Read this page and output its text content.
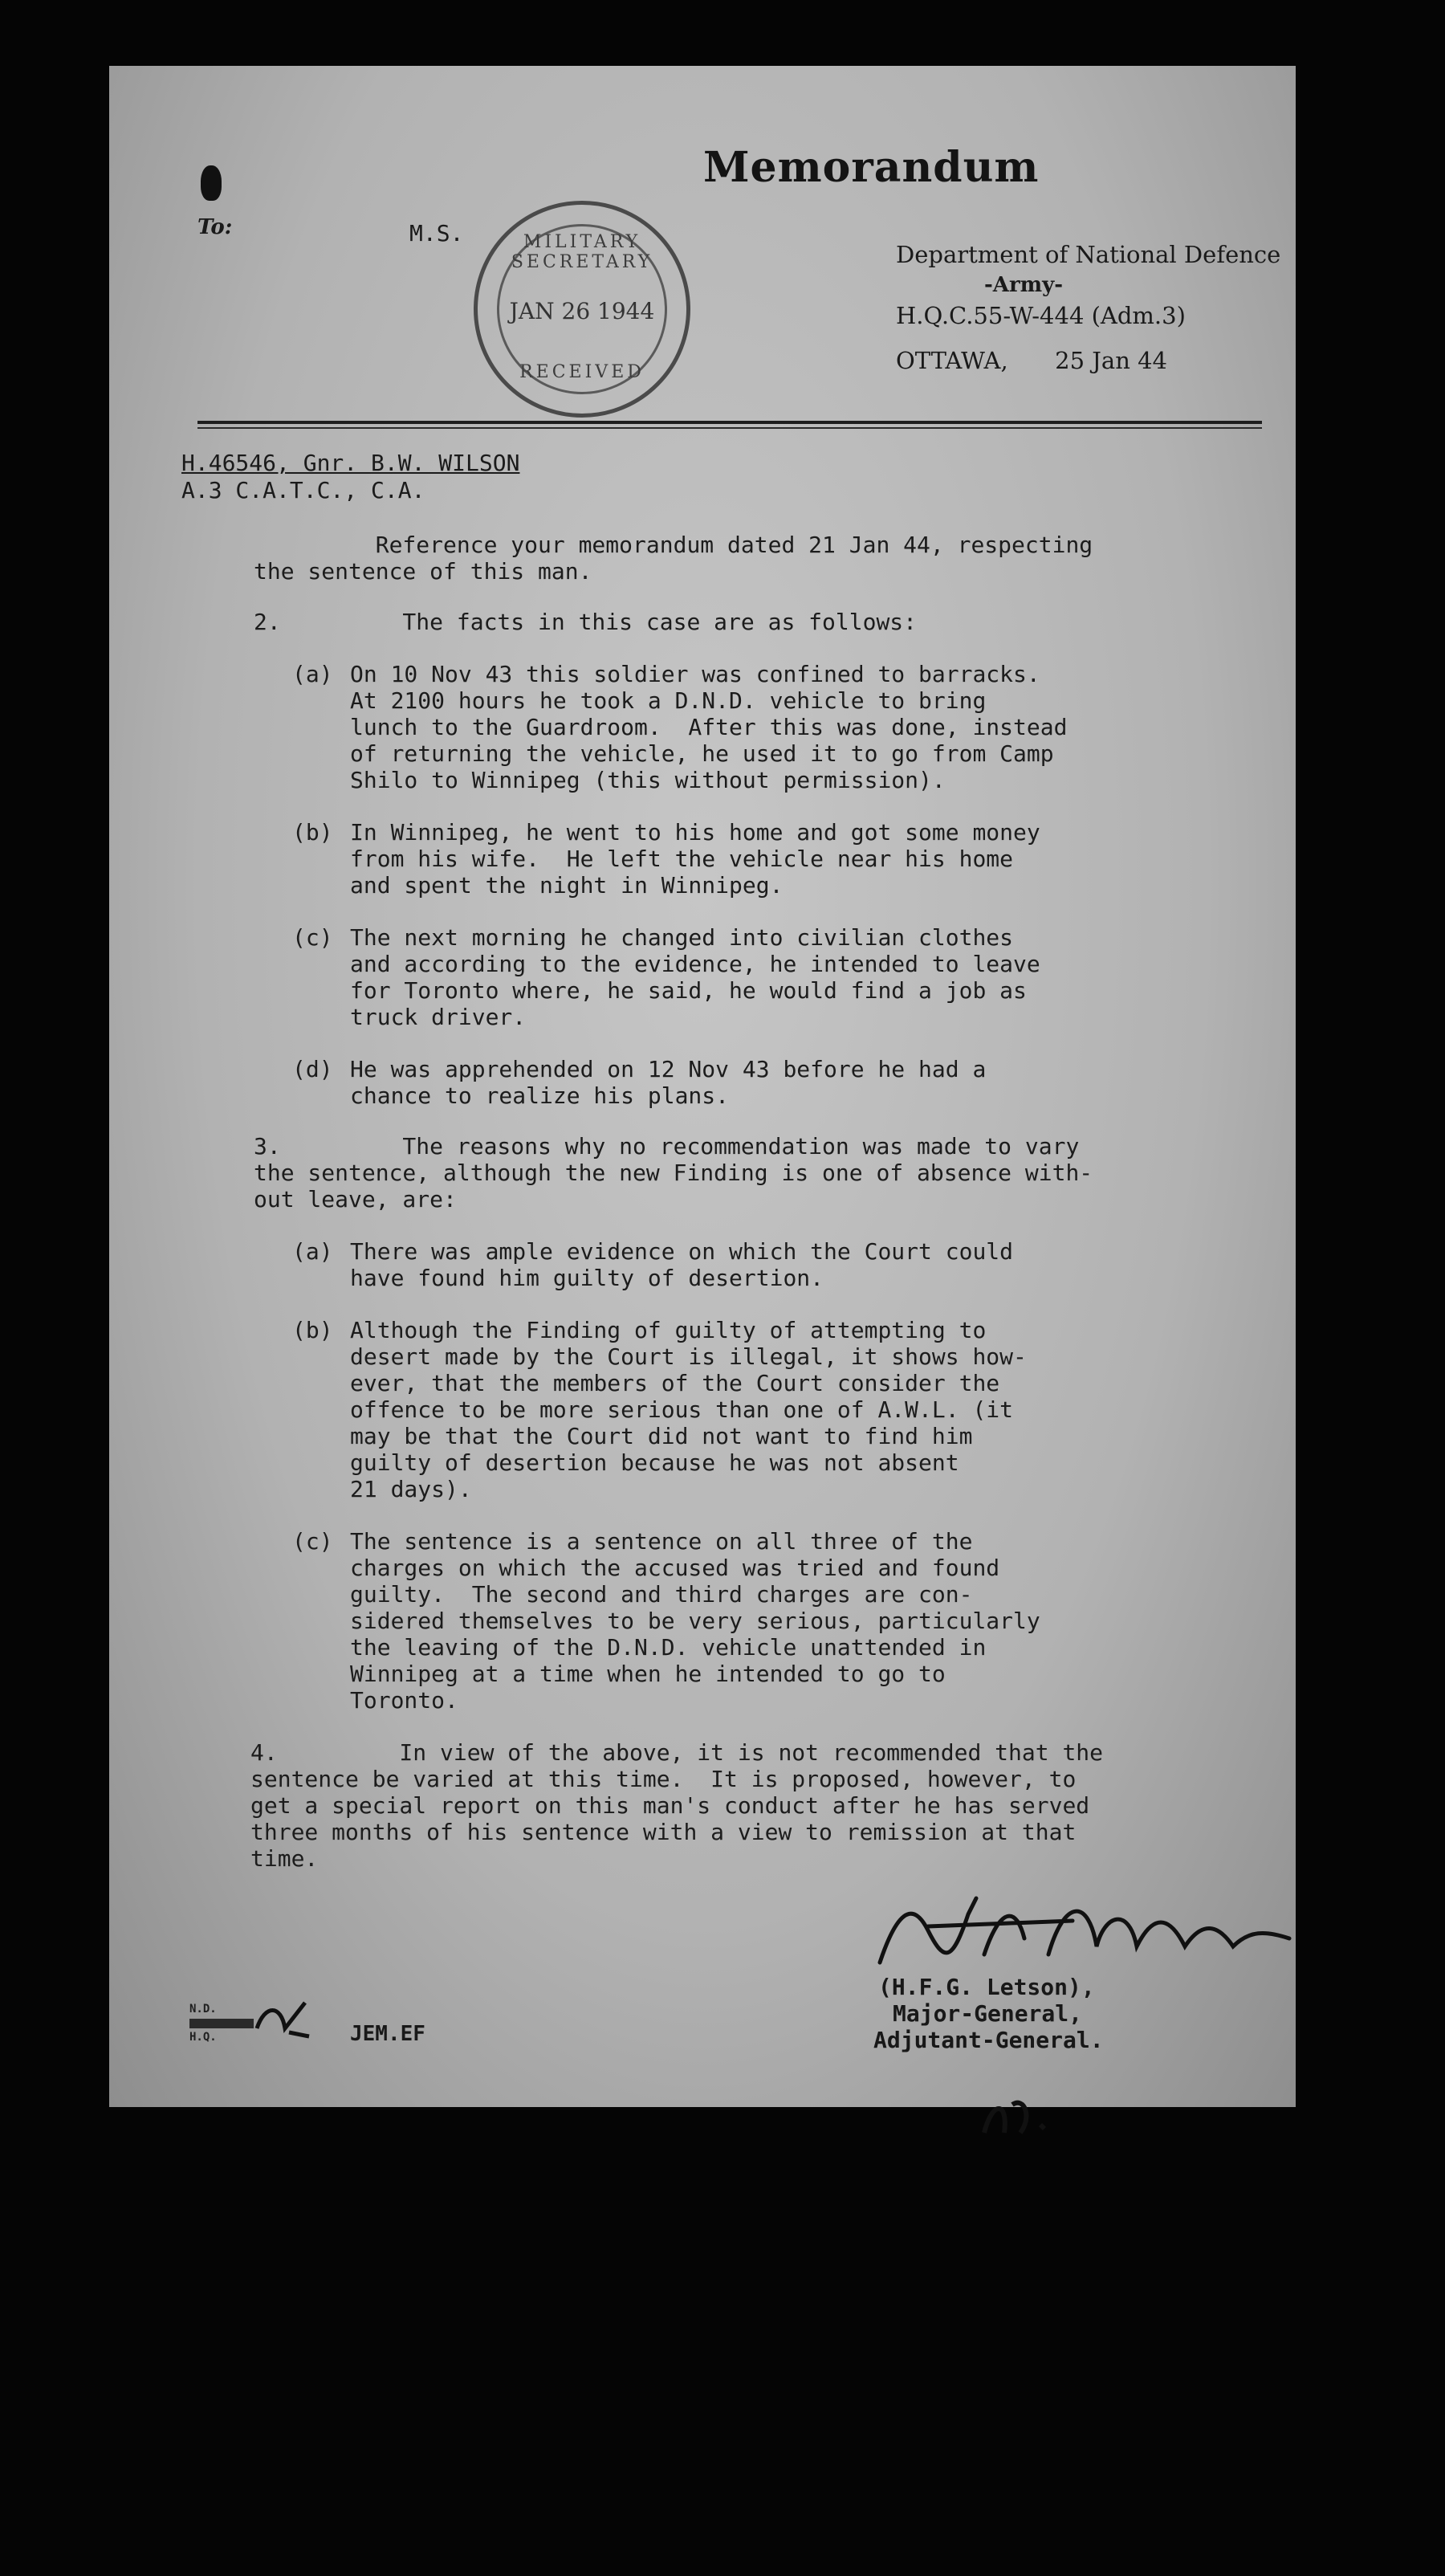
Memorandum
To:	M.S.	MILITARY SECRETARY
JAN 26 1944
RECEIVED
Department of National Defence
-Army-
H.Q.C.55-W-444 (Adm.3)
OTTAWA, 25 Jan 44
H.46546, Gnr. B.W. WILSON
A.3 C.A.T.C., C.A.
Reference your memorandum dated 21 Jan 44, respecting
the sentence of this man.
2.         The facts in this case are as follows:
(a) On 10 Nov 43 this soldier was confined to barracks.
At 2100 hours he took a D.N.D. vehicle to bring
lunch to the Guardroom.  After this was done, instead
of returning the vehicle, he used it to go from Camp
Shilo to Winnipeg (this without permission).
(b) In Winnipeg, he went to his home and got some money
from his wife.  He left the vehicle near his home
and spent the night in Winnipeg.
(c) The next morning he changed into civilian clothes
and according to the evidence, he intended to leave
for Toronto where, he said, he would find a job as
truck driver.
(d) He was apprehended on 12 Nov 43 before he had a
chance to realize his plans.
3.         The reasons why no recommendation was made to vary
the sentence, although the new Finding is one of absence with-
out leave, are:
(a) There was ample evidence on which the Court could
have found him guilty of desertion.
(b) Although the Finding of guilty of attempting to
desert made by the Court is illegal, it shows how-
ever, that the members of the Court consider the
offence to be more serious than one of A.W.L. (it
may be that the Court did not want to find him
guilty of desertion because he was not absent
21 days).
(c) The sentence is a sentence on all three of the
charges on which the accused was tried and found
guilty.  The second and third charges are con-
sidered themselves to be very serious, particularly
the leaving of the D.N.D. vehicle unattended in
Winnipeg at a time when he intended to go to
Toronto.
4.         In view of the above, it is not recommended that the
sentence be varied at this time.  It is proposed, however, to
get a special report on this man's conduct after he has served
three months of his sentence with a view to remission at that
time.
(H.F.G. Letson),
Major-General,
Adjutant-General.
N.D.
H.Q.	JEM.EF
